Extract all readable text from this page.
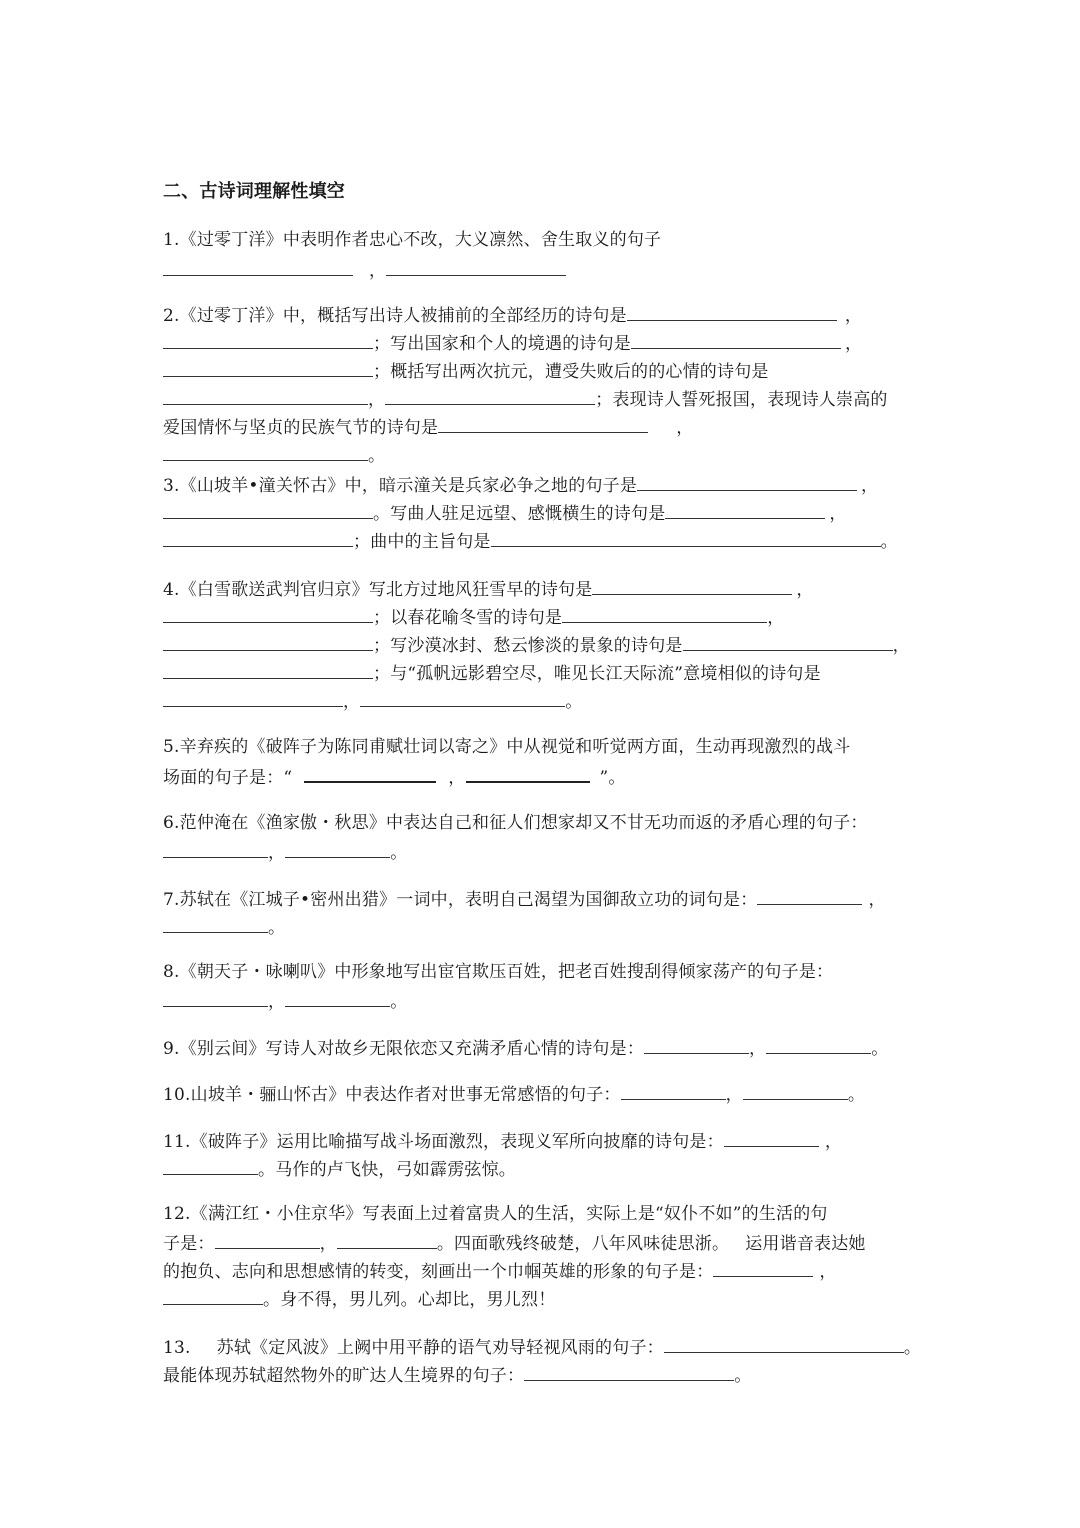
二、古诗词理解性填空
1.《过零丁洋》中表明作者忠心不改，大义凛然、舍生取义的句子
，
2.《过零丁洋》中，概括写出诗人被捕前的全部经历的诗句是	，
；写出国家和个人的境遇的诗句是	，
；概括写出两次抗元，遭受失败后的的心情的诗句是
，	；表现诗人誓死报国，表现诗人崇高的
爱国情怀与坚贞的民族气节的诗句是	，
。
3.《山坡羊•潼关怀古》中，暗示潼关是兵家必争之地的句子是	，
。写曲人驻足远望、感慨横生的诗句是	，
；曲中的主旨句是	。
4.《白雪歌送武判官归京》写北方过地风狂雪早的诗句是	，
；以春花喻冬雪的诗句是	，
；写沙漠冰封、愁云惨淡的景象的诗句是	，
；与“孤帆远影碧空尽，唯见长江天际流”意境相似的诗句是
，	。
5.辛弃疾的《破阵子为陈同甫赋壮词以寄之》中从视觉和听觉两方面，生动再现激烈的战斗
场面的句子是：“	，	”。
6.范仲淹在《渔家傲・秋思》中表达自己和征人们想家却又不甘无功而返的矛盾心理的句子：
，	。
7.苏轼在《江城子•密州出猎》一词中，表明自己渴望为国御敌立功的词句是：	，
。
8.《朝天子・咏喇叭》中形象地写出宦官欺压百姓，把老百姓搜刮得倾家荡产的句子是：
，	。
9.《别云间》写诗人对故乡无限依恋又充满矛盾心情的诗句是：	，	。
10.山坡羊・骊山怀古》中表达作者对世事无常感悟的句子：	，	。
11.《破阵子》运用比喻描写战斗场面激烈，表现义军所向披靡的诗句是：	，
。马作的卢飞快，弓如霹雳弦惊。
12.《满江红・小住京华》写表面上过着富贵人的生活，实际上是“奴仆不如”的生活的句
子是：	，	。四面歌残终破楚，八年风味徒思浙。 运用谐音表达她
的抱负、志向和思想感情的转变，刻画出一个巾帼英雄的形象的句子是：	，
。身不得，男儿列。心却比，男儿烈！
13. 苏轼《定风波》上阙中用平静的语气劝导轻视风雨的句子：	。
最能体现苏轼超然物外的旷达人生境界的句子：	。
